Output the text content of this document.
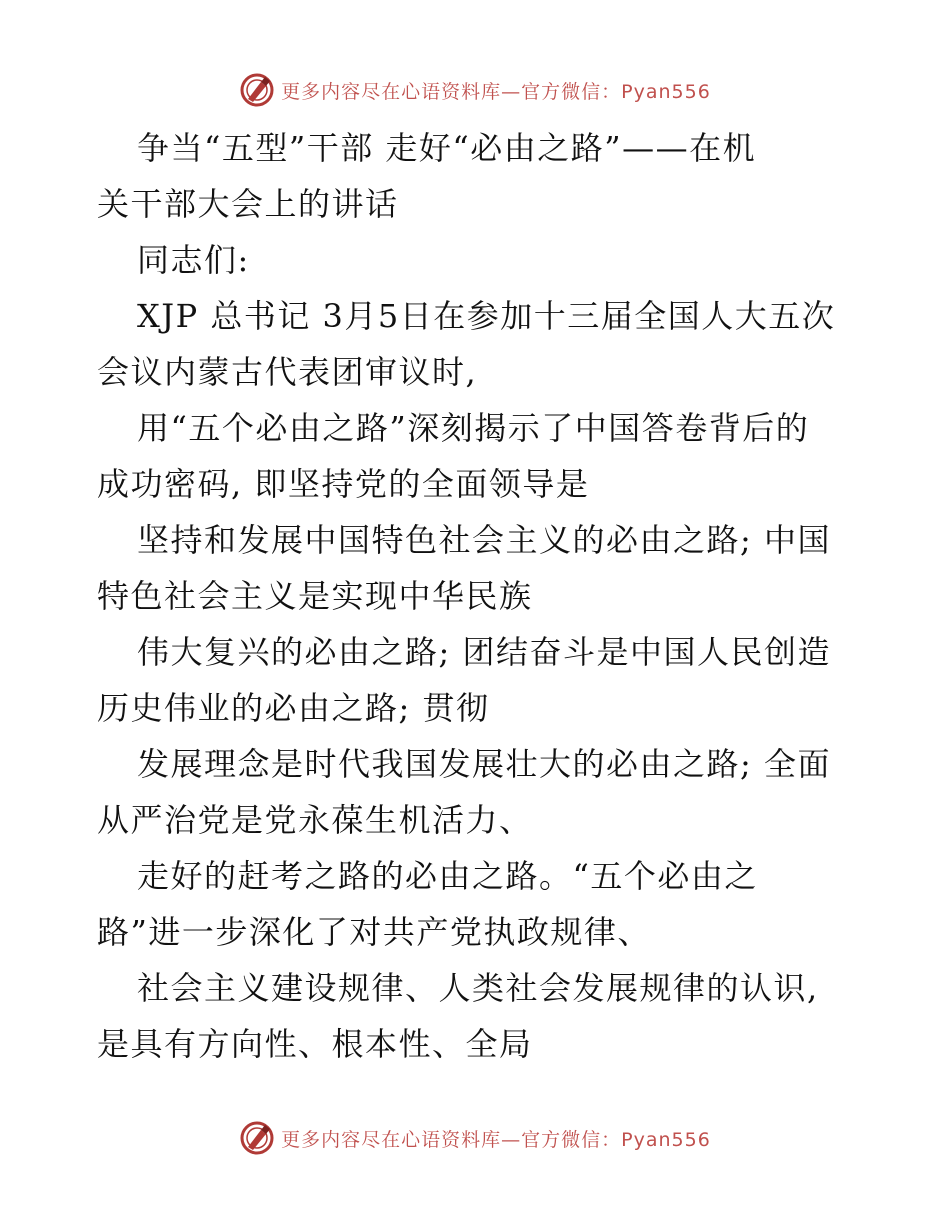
更多内容尽在心语资料库—官方微信：Pyan556

争当“五型”干部 走好“必由之路”——在机

关干部大会上的讲话

同志们:

XJP 总书记 3月5日在参加十三届全国人大五次

会议内蒙古代表团审议时,

用“五个必由之路”深刻揭示了中国答卷背后的

成功密码, 即坚持党的全面领导是

坚持和发展中国特色社会主义的必由之路; 中国

特色社会主义是实现中华民族

伟大复兴的必由之路; 团结奋斗是中国人民创造

历史伟业的必由之路; 贯彻

发展理念是时代我国发展壮大的必由之路; 全面

从严治党是党永葆生机活力、

走好的赶考之路的必由之路。“五个必由之

路”进一步深化了对共产党执政规律、

社会主义建设规律、人类社会发展规律的认识,

是具有方向性、根本性、全局

更多内容尽在心语资料库—官方微信：Pyan556
